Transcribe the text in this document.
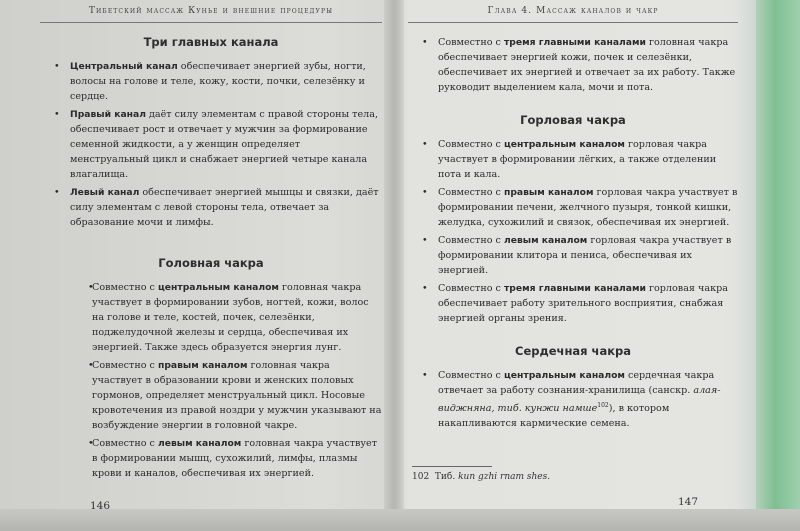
Тибетский массаж Кунье и внешние процедуры
Три главных канала
• Центральный канал обеспечивает энергией зубы, ногти, волосы на голове и теле, кожу, кости, почки, селезёнку и сердце.
• Правый канал даёт силу элементам с правой стороны тела, обеспечивает рост и отвечает у мужчин за формирование семенной жидкости, а у женщин определяет менструальный цикл и снабжает энергией четыре канала влагалища.
• Левый канал обеспечивает энергией мышцы и связки, даёт силу элементам с левой стороны тела, отвечает за образование мочи и лимфы.
Головная чакра
•
Совместно с центральным каналом головная чакра участвует в формировании зубов, ногтей, кожи, волос на голове и теле, костей, почек, селезёнки, поджелудочной железы и сердца, обеспечивая их энергией. Также здесь образуется энергия лунг.
•
Совместно с правым каналом головная чакра участвует в образовании крови и женских половых гормонов, определяет менструальный цикл. Носовые кровотечения из правой ноздри у мужчин указывают на возбуждение энергии в головной чакре.
•
Совместно с левым каналом головная чакра участвует в формировании мышц, сухожилий, лимфы, плазмы крови и каналов, обеспечивая их энергией.
146
Глава 4. Массаж каналов и чакр
• Совместно с тремя главными каналами головная чакра обеспечивает энергией кожи, почек и селезёнки, обеспечивает их энергией и отвечает за их работу. Также руководит выделением кала, мочи и пота.
Горловая чакра
• Совместно с центральным каналом горловая чакра участвует в формировании лёгких, а также отделении пота и кала.
• Совместно с правым каналом горловая чакра участвует в формировании печени, желчного пузыря, тонкой кишки, желудка, сухожилий и связок, обеспечивая их энергией.
• Совместно с левым каналом горловая чакра участвует в формировании клитора и пениса, обеспечивая их энергией.
• Совместно с тремя главными каналами горловая чакра обеспечивает работу зрительного восприятия, снабжая энергией органы зрения.
Сердечная чакра
• Совместно с центральным каналом сердечная чакра отвечает за работу сознания-хранилища (санскр. алая-виджняна, тиб. кунжи намше$^{102}$), в котором накапливаются кармические семена.
102 Тиб. kun gzhi rnam shes.
147
